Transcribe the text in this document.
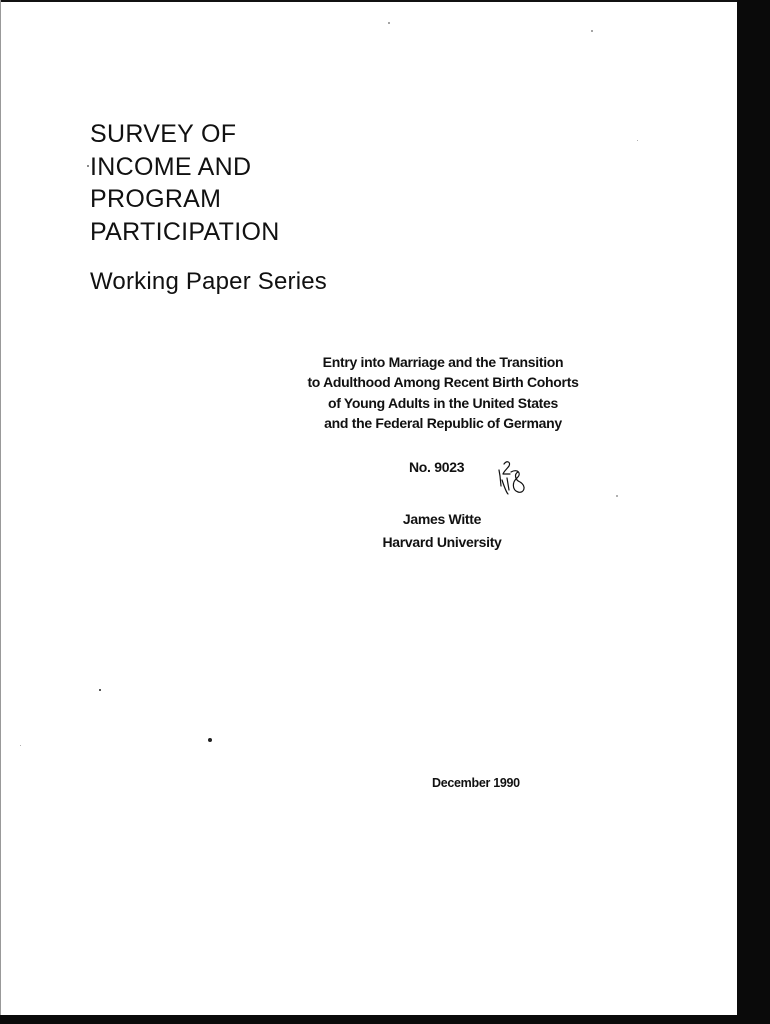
SURVEY OF
INCOME AND
PROGRAM
PARTICIPATION
Working Paper Series
Entry into Marriage and the Transition
to Adulthood Among Recent Birth Cohorts
of Young Adults in the United States
and the Federal Republic of Germany
No. 9023
James Witte
Harvard University
December 1990
